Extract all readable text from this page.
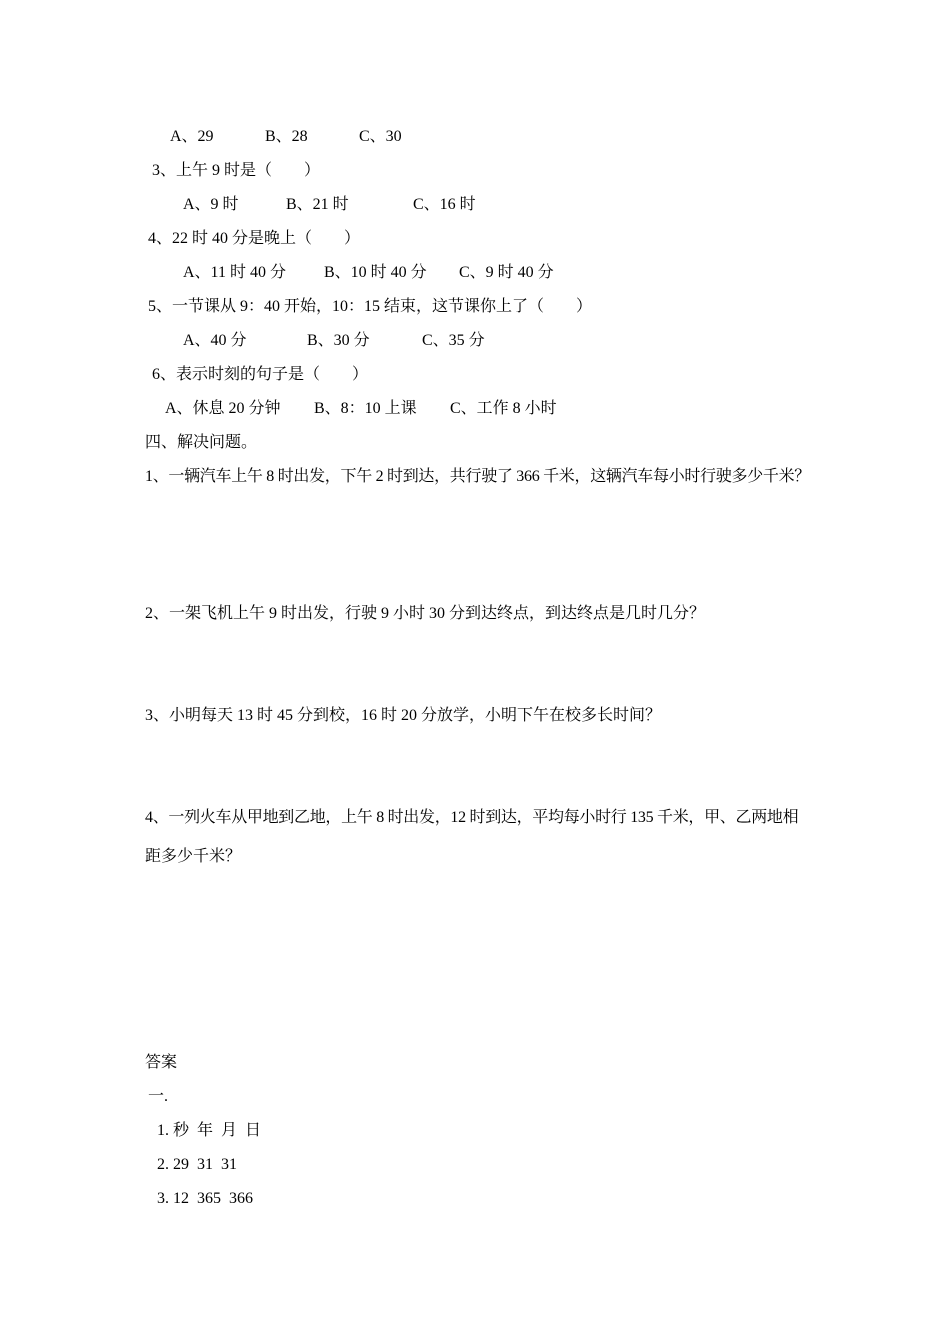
A、29	B、28	C、30
3、上午 9 时是（　　）
A、9 时	B、21 时	C、16 时
4、22 时 40 分是晚上（　　）
A、11 时 40 分 B、10 时 40 分 C、9 时 40 分
5、一节课从 9：40 开始，10：15 结束，这节课你上了（　　）
A、40 分	B、30 分	C、35 分
6、表示时刻的句子是（　　）
A、休息 20 分钟 B、8：10 上课 C、工作 8 小时
四、解决问题。
1、一辆汽车上午 8 时出发，下午 2 时到达，共行驶了 366 千米，这辆汽车每小时行驶多少千米？
2、一架飞机上午 9 时出发，行驶 9 小时 30 分到达终点，到达终点是几时几分？
3、小明每天 13 时 45 分到校，16 时 20 分放学，小明下午在校多长时间？
4、一列火车从甲地到乙地，上午 8 时出发，12 时到达，平均每小时行 135 千米，甲、乙两地相
距多少千米？
答案
一.
1. 秒  年  月  日
2. 29  31  31
3. 12  365  366
